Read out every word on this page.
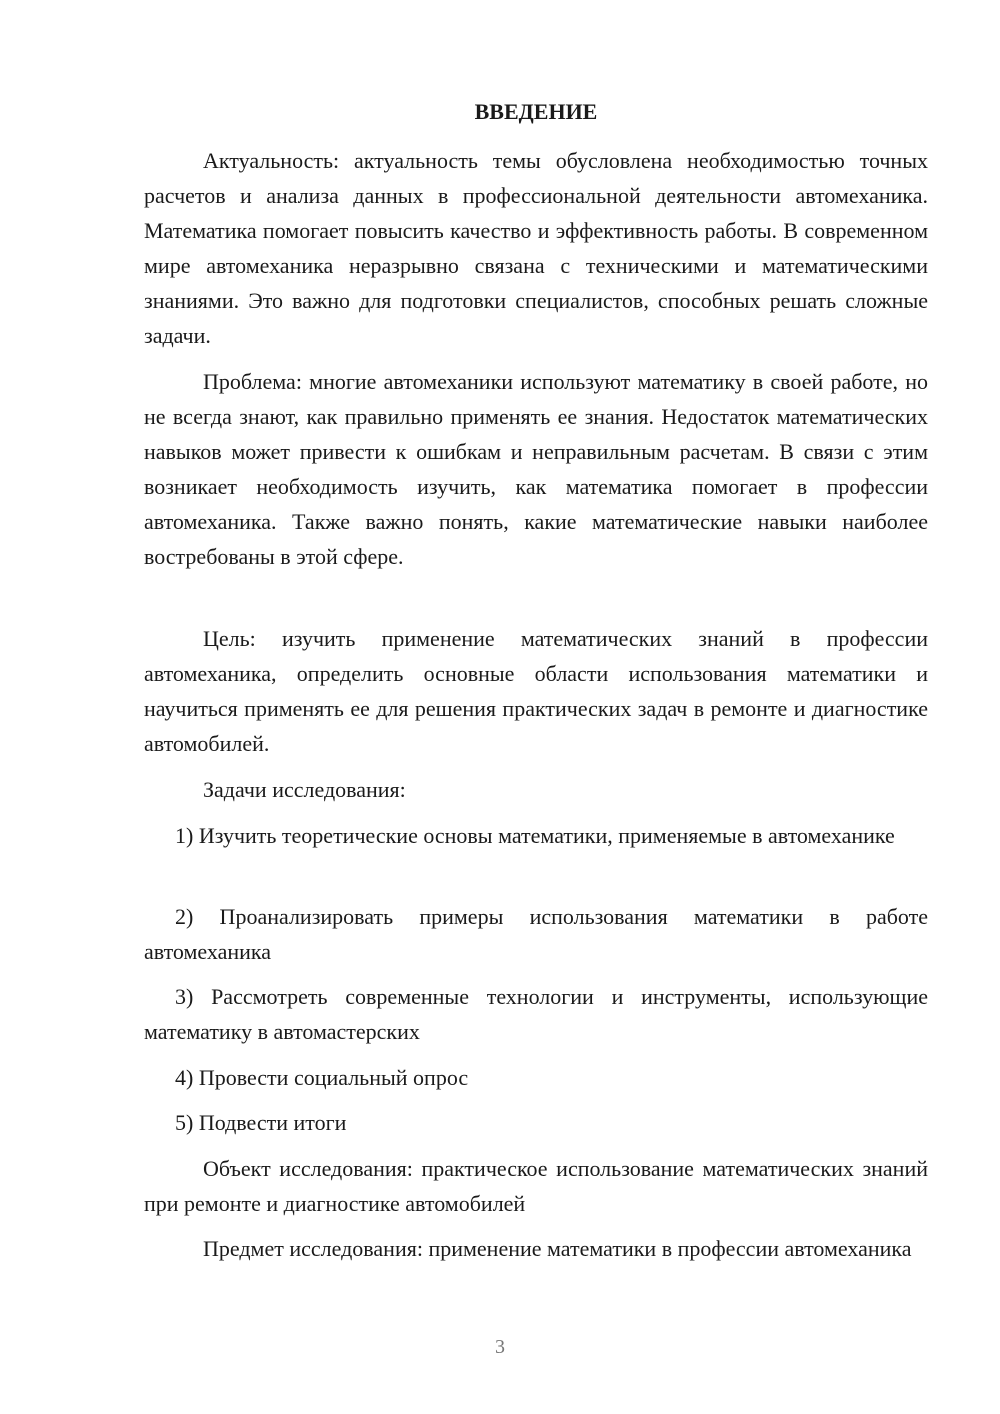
ВВЕДЕНИЕ

Актуальность: актуальность темы обусловлена необходимостью точных расчетов и анализа данных в профессиональной деятельности автомеханика. Математика помогает повысить качество и эффективность работы. В современном мире автомеханика неразрывно связана с техническими и математическими знаниями. Это важно для подготовки специалистов, способных решать сложные задачи.

Проблема: многие автомеханики используют математику в своей работе, но не всегда знают, как правильно применять ее знания. Недостаток математических навыков может привести к ошибкам и неправильным расчетам. В связи с этим возникает необходимость изучить, как математика помогает в профессии автомеханика. Также важно понять, какие математические навыки наиболее востребованы в этой сфере.

Цель: изучить применение математических знаний в профессии автомеханика, определить основные области использования математики и научиться применять ее для решения практических задач в ремонте и диагностике автомобилей.

Задачи исследования:

1) Изучить теоретические основы математики, применяемые в автомеханике

2) Проанализировать примеры использования математики в работе автомеханика

3) Рассмотреть современные технологии и инструменты, использующие математику в автомастерских

4) Провести социальный опрос

5) Подвести итоги

Объект исследования: практическое использование математических знаний при ремонте и диагностике автомобилей

Предмет исследования: применение математики в профессии автомеханика

3
